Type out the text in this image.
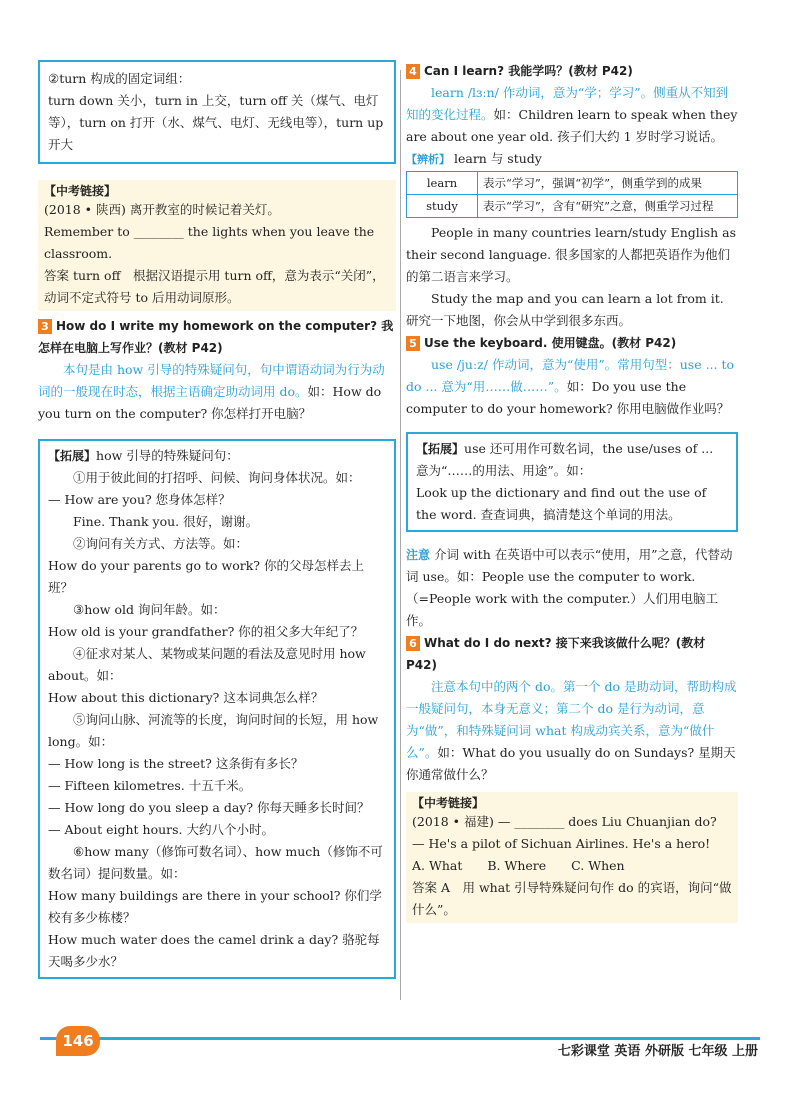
②turn 构成的固定词组：

turn down 关小，turn in 上交，turn off 关（煤气、电灯等），turn on 打开（水、煤气、电灯、无线电等），turn up 开大

【中考链接】

(2018 • 陕西) 离开教室的时候记着关灯。

Remember to ________ the lights when you leave the classroom.

答案 turn off　根据汉语提示用 turn off，意为表示“关闭”，动词不定式符号 to 后用动词原形。

3 How do I write my homework on the computer? 我怎样在电脑上写作业？(教材 P42)

本句是由 how 引导的特殊疑问句，句中谓语动词为行为动词的一般现在时态，根据主语确定助动词用 do。如：How do you turn on the computer? 你怎样打开电脑？

【拓展】how 引导的特殊疑问句：

①用于彼此间的打招呼、问候、询问身体状况。如：

— How are you? 您身体怎样？

Fine. Thank you. 很好，谢谢。

②询问有关方式、方法等。如：

How do your parents go to work? 你的父母怎样去上班？

③how old 询问年龄。如：

How old is your grandfather? 你的祖父多大年纪了？

④征求对某人、某物或某问题的看法及意见时用 how about。如：

How about this dictionary? 这本词典怎么样？

⑤询问山脉、河流等的长度，询问时间的长短，用 how long。如：

— How long is the street? 这条街有多长？

— Fifteen kilometres. 十五千米。

— How long do you sleep a day? 你每天睡多长时间？

— About eight hours. 大约八个小时。

⑥how many（修饰可数名词）、how much（修饰不可数名词）提问数量。如：

How many buildings are there in your school? 你们学校有多少栋楼？

How much water does the camel drink a day? 骆驼每天喝多少水？

4 Can I learn? 我能学吗？(教材 P42)

learn /lɜːn/ 作动词，意为“学；学习”。侧重从不知到知的变化过程。如：Children learn to speak when they are about one year old. 孩子们大约 1 岁时学习说话。

【辨析】 learn 与 study

learn	表示“学习”，强调“初学”，侧重学到的成果
study	表示“学习”，含有“研究”之意，侧重学习过程

People in many countries learn/study English as their second language. 很多国家的人都把英语作为他们的第二语言来学习。

Study the map and you can learn a lot from it. 研究一下地图，你会从中学到很多东西。

5 Use the keyboard. 使用键盘。(教材 P42)

use /juːz/ 作动词，意为“使用”。常用句型：use ... to do ... 意为“用……做……”。如：Do you use the computer to do your homework? 你用电脑做作业吗？

【拓展】use 还可用作可数名词，the use/uses of ... 意为“……的用法、用途”。如：

Look up the dictionary and find out the use of the word. 查查词典，搞清楚这个单词的用法。

注意 介词 with 在英语中可以表示“使用，用”之意，代替动词 use。如：People use the computer to work.（=People work with the computer.）人们用电脑工作。

6 What do I do next? 接下来我该做什么呢？(教材 P42)

注意本句中的两个 do。第一个 do 是助动词，帮助构成一般疑问句，本身无意义；第二个 do 是行为动词，意为“做”，和特殊疑问词 what 构成动宾关系，意为“做什么”。如：What do you usually do on Sundays? 星期天你通常做什么？

【中考链接】

(2018 • 福建) — ________ does Liu Chuanjian do?

— He's a pilot of Sichuan Airlines. He's a hero!

A. What　　B. Where　　C. When

答案 A　用 what 引导特殊疑问句作 do 的宾语，询问“做什么”。

146
七彩课堂 英语 外研版 七年级 上册
